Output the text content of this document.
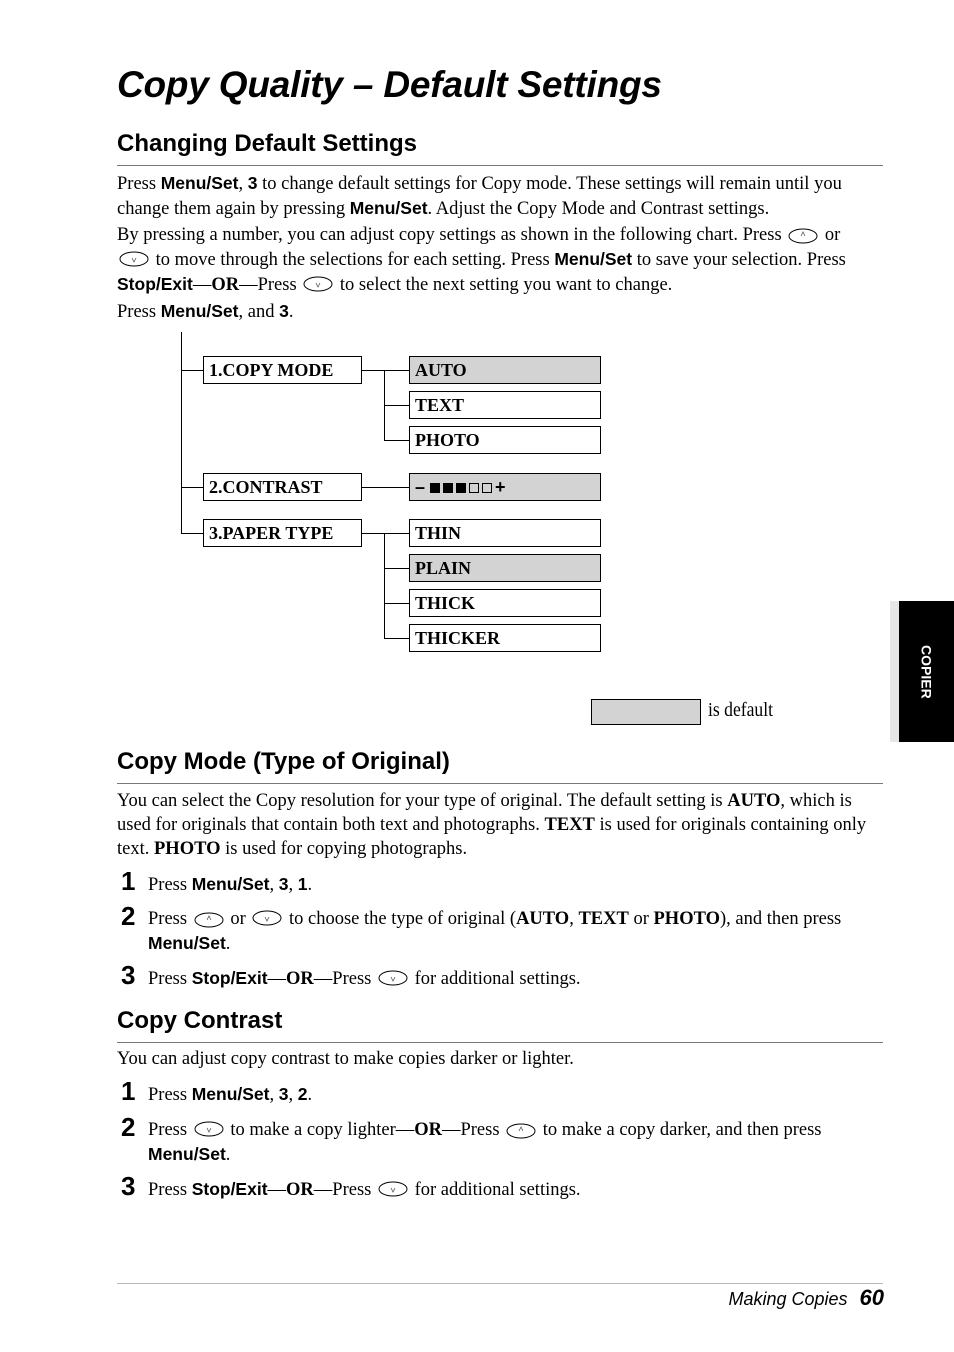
Copy Quality – Default Settings
COPIER
Changing Default Settings

Press Menu/Set, 3 to change default settings for Copy mode. These settings will remain until you change them again by pressing Menu/Set. Adjust the Copy Mode and Contrast settings.

By pressing a number, you can adjust copy settings as shown in the following chart. Press  or
to move through the selections for each setting. Press Menu/Set to save your selection. Press Stop/Exit—OR—Press  to select the next setting you want to change.

Press Menu/Set, and 3.

1.COPY MODE
2.CONTRAST
3.PAPER TYPE
AUTO
TEXT
PHOTO
–	+
THIN
PLAIN
THICK
THICKER
is default
Copy Mode (Type of Original)

You can select the Copy resolution for your type of original. The default setting is AUTO, which is used for originals that contain both text and photographs. TEXT is used for originals containing only text. PHOTO is used for copying photographs.

1 Press Menu/Set, 3, 1.
2 Press  or  to choose the type of original (AUTO, TEXT or PHOTO), and then press Menu/Set.
3 Press Stop/Exit—OR—Press  for additional settings.
Copy Contrast

You can adjust copy contrast to make copies darker or lighter.

1 Press Menu/Set, 3, 2.
2 Press  to make a copy lighter—OR—Press  to make a copy darker, and then press Menu/Set.
3 Press Stop/Exit—OR—Press  for additional settings.
Making Copies 60
